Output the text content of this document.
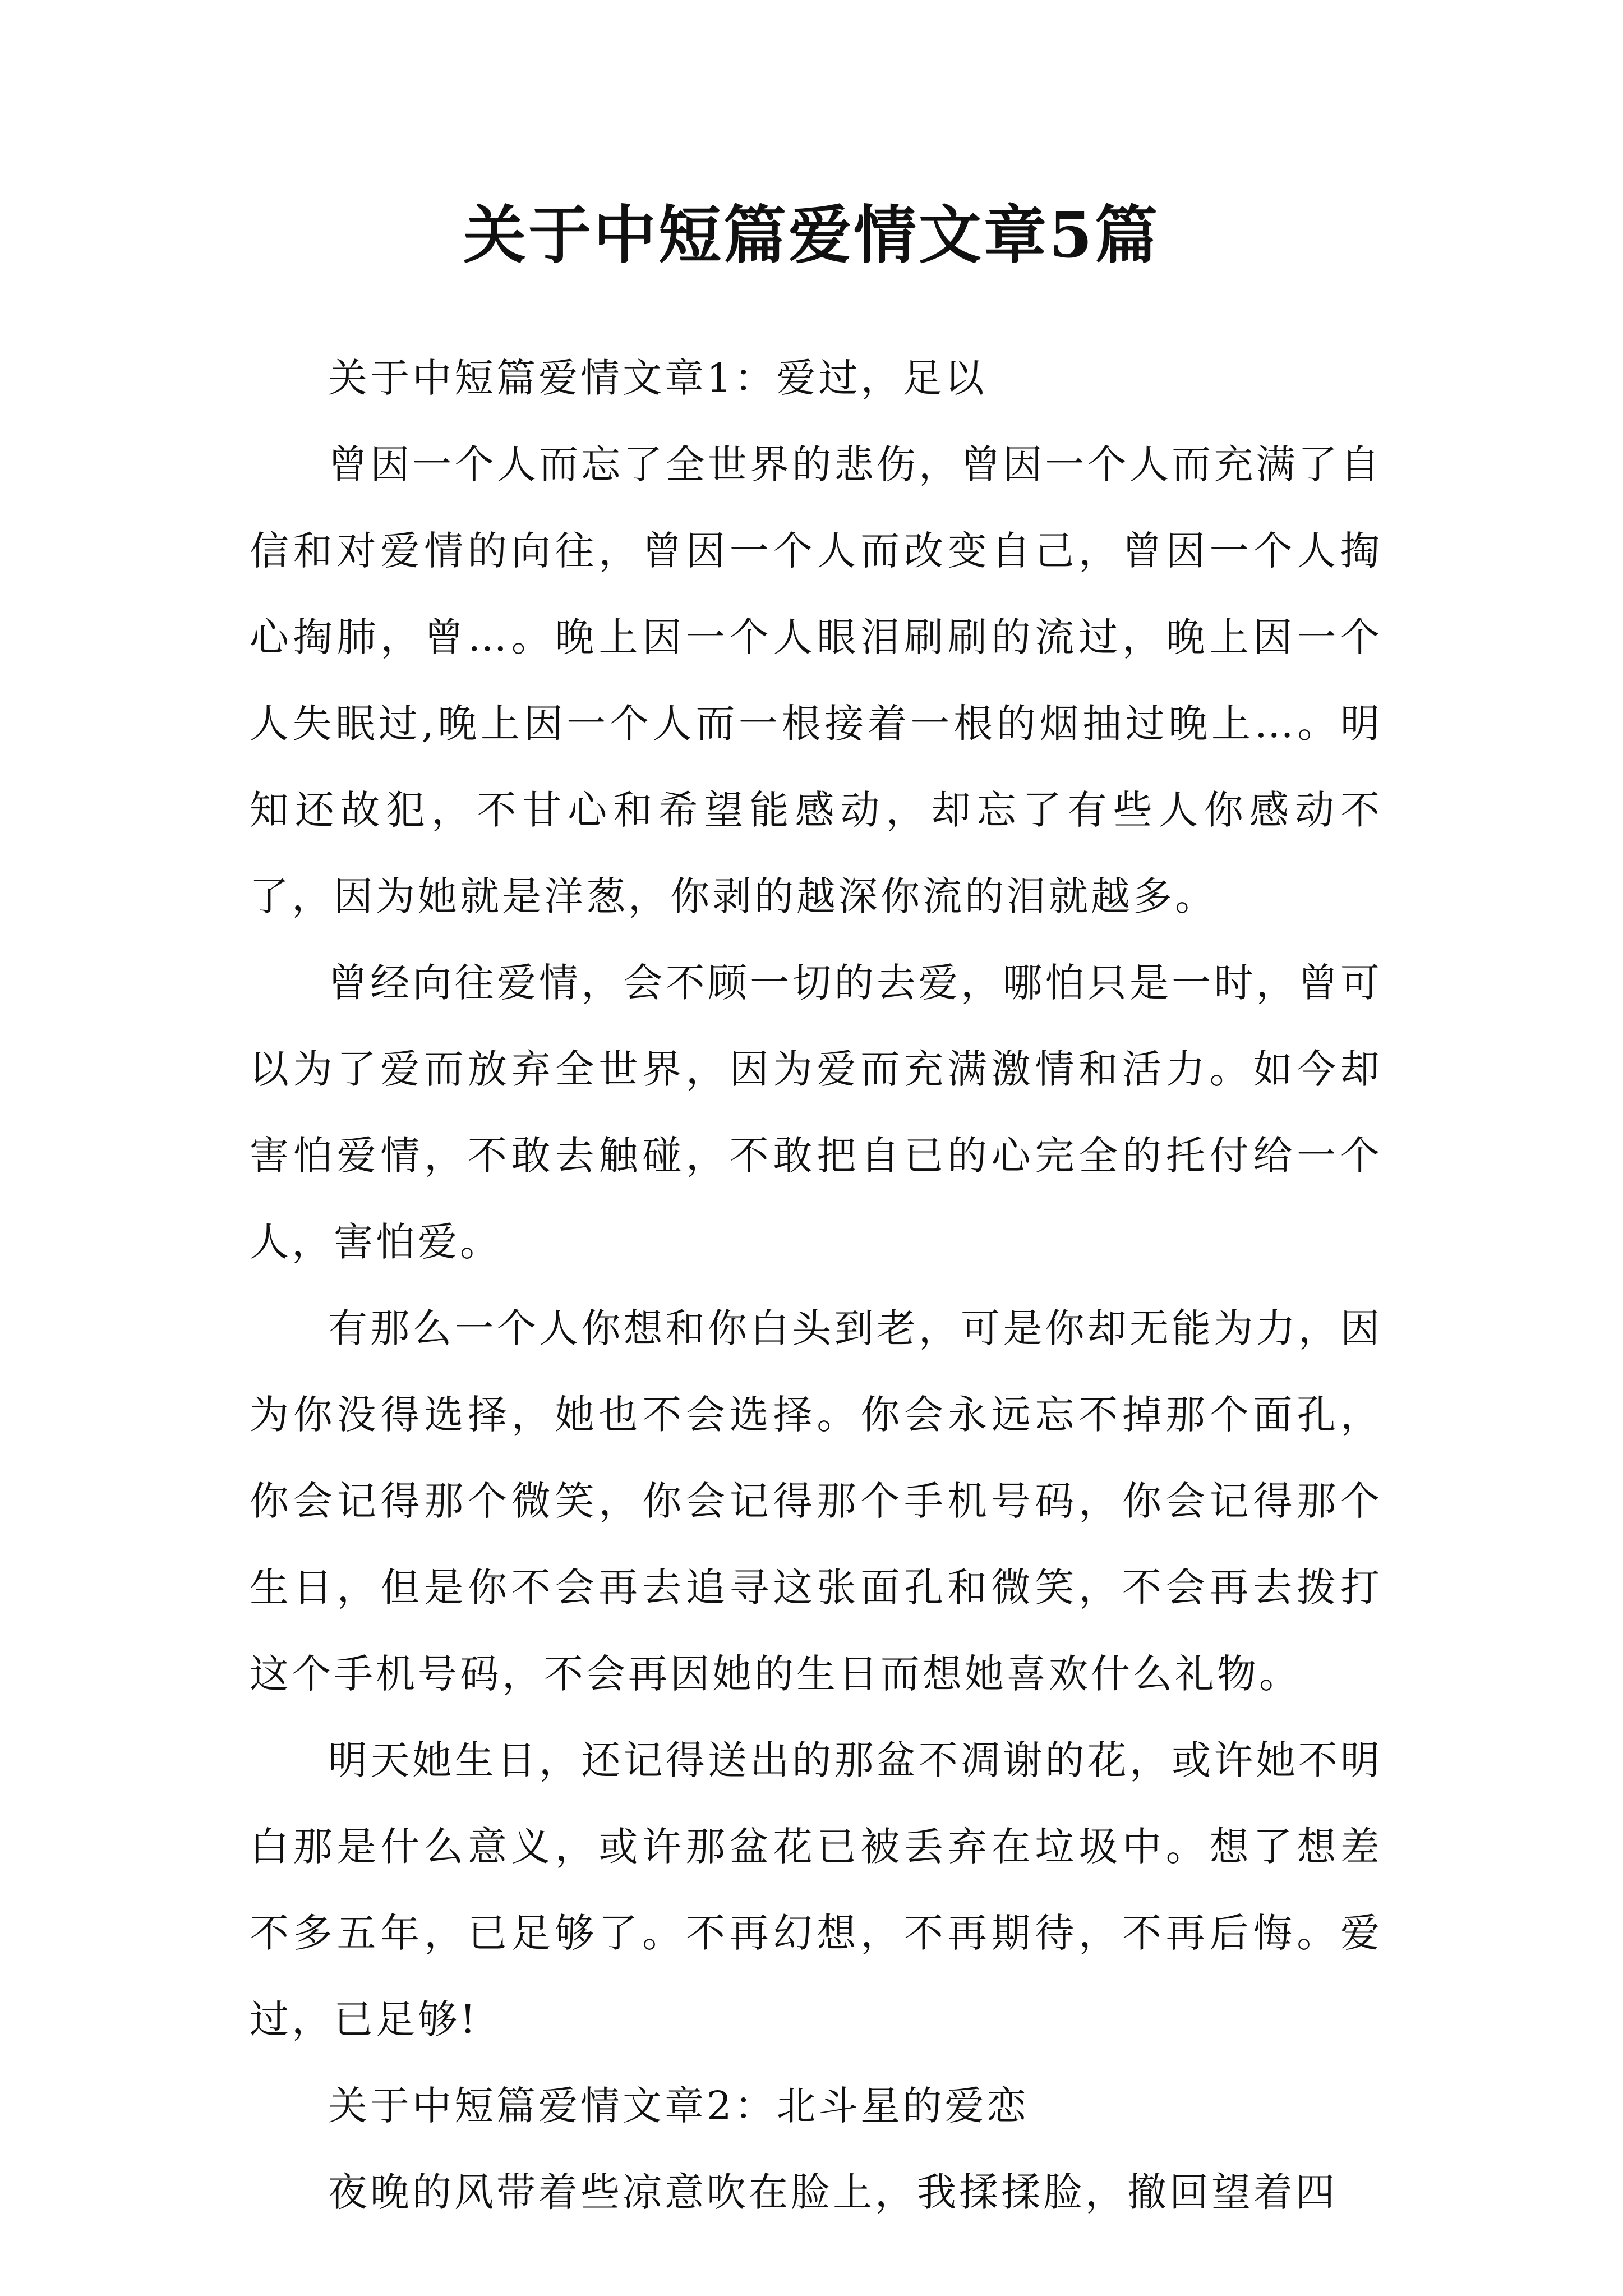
关于中短篇爱情文章5篇

关于中短篇爱情文章1：爱过，足以

曾因一个人而忘了全世界的悲伤，曾因一个人而充满了自信和对爱情的向往，曾因一个人而改变自己，曾因一个人掏心掏肺，曾…。晚上因一个人眼泪刷刷的流过，晚上因一个人失眠过,晚上因一个人而一根接着一根的烟抽过晚上…。明知还故犯，不甘心和希望能感动，却忘了有些人你感动不了，因为她就是洋葱，你剥的越深你流的泪就越多。

曾经向往爱情，会不顾一切的去爱，哪怕只是一时，曾可以为了爱而放弃全世界，因为爱而充满激情和活力。如今却害怕爱情，不敢去触碰，不敢把自已的心完全的托付给一个人，害怕爱。

有那么一个人你想和你白头到老，可是你却无能为力，因为你没得选择，她也不会选择。你会永远忘不掉那个面孔，你会记得那个微笑，你会记得那个手机号码，你会记得那个生日，但是你不会再去追寻这张面孔和微笑，不会再去拨打这个手机号码，不会再因她的生日而想她喜欢什么礼物。

明天她生日，还记得送出的那盆不凋谢的花，或许她不明白那是什么意义，或许那盆花已被丢弃在垃圾中。想了想差不多五年，已足够了。不再幻想，不再期待，不再后悔。爱过，已足够!

关于中短篇爱情文章2：北斗星的爱恋

夜晚的风带着些凉意吹在脸上，我揉揉脸，撤回望着四
